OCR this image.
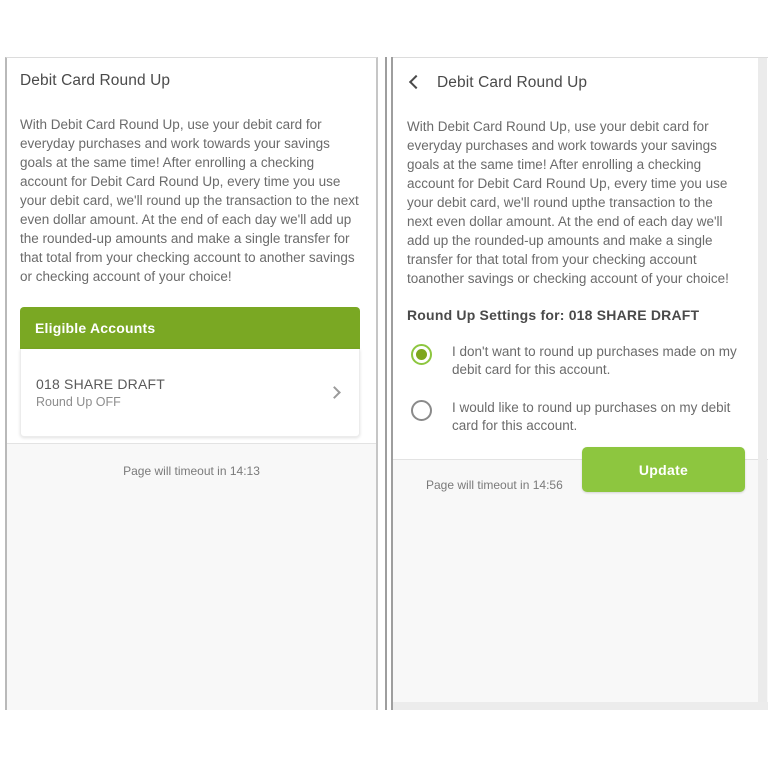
Debit Card Round Up

With Debit Card Round Up, use your debit card for everyday purchases and work towards your savings goals at the same time! After enrolling a checking account for Debit Card Round Up, every time you use your debit card, we'll round up the transaction to the next even dollar amount. At the end of each day we'll add up the rounded-up amounts and make a single transfer for that total from your checking account to another savings or checking account of your choice!

Eligible Accounts
018 SHARE DRAFT
Round Up OFF
Page will timeout in 14:13
Debit Card Round Up

With Debit Card Round Up, use your debit card for everyday purchases and work towards your savings goals at the same time! After enrolling a checking account for Debit Card Round Up, every time you use your debit card, we'll round upthe transaction to the next even dollar amount. At the end of each day we'll add up the rounded-up amounts and make a single transfer for that total from your checking account toanother savings or checking account of your choice!

Round Up Settings for: 018 SHARE DRAFT
I don't want to round up purchases made on my debit card for this account.
I would like to round up purchases on my debit card for this account.
Update
Page will timeout in 14:56
